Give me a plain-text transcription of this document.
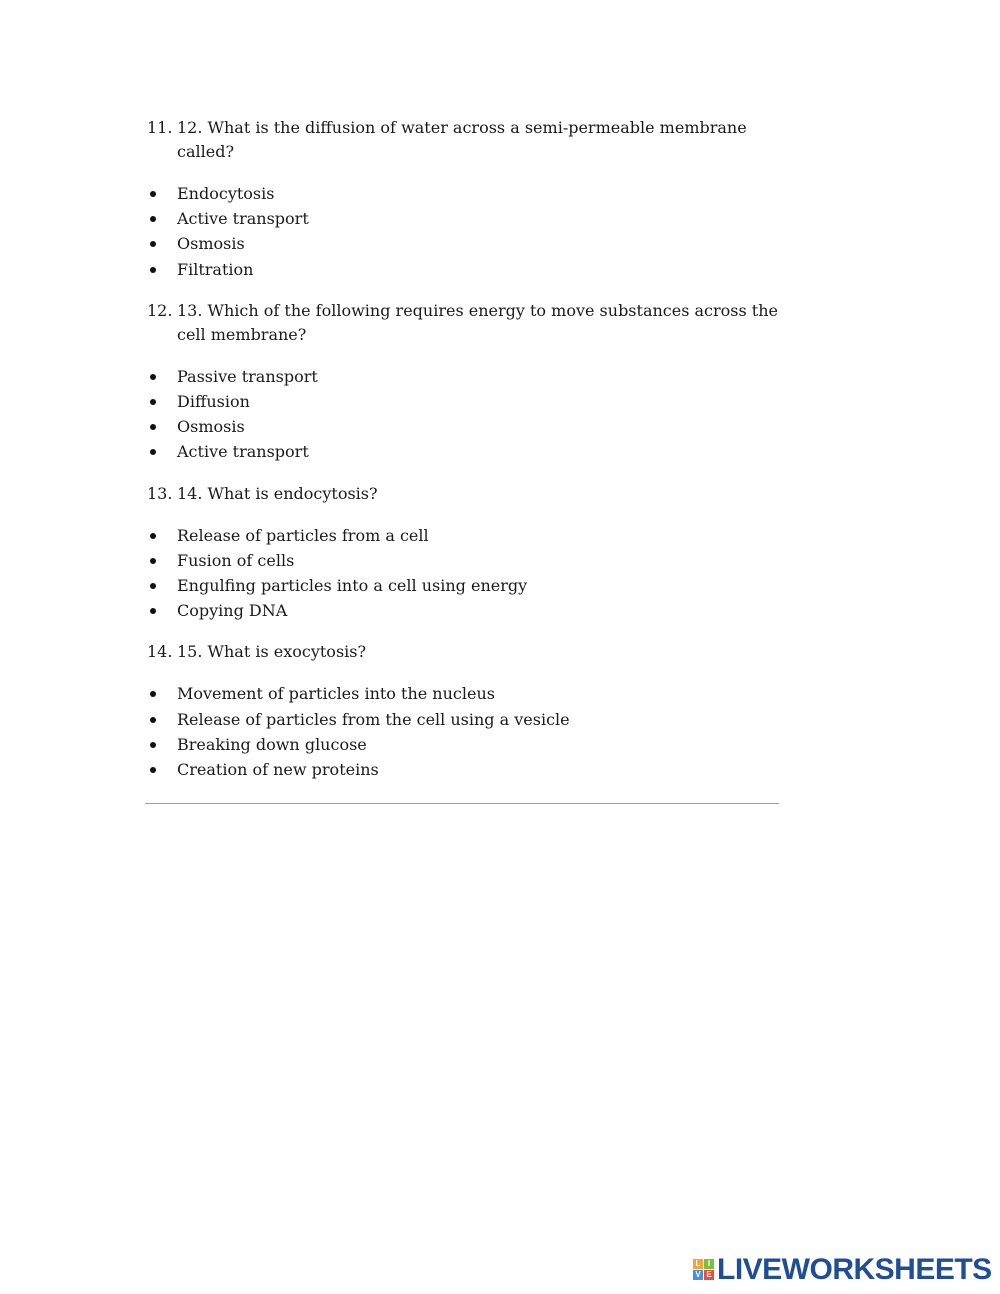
11. 12. What is the diffusion of water across a semi-permeable membrane called?
Endocytosis
Active transport
Osmosis
Filtration
12. 13. Which of the following requires energy to move substances across the cell membrane?
Passive transport
Diffusion
Osmosis
Active transport
13. 14. What is endocytosis?
Release of particles from a cell
Fusion of cells
Engulfing particles into a cell using energy
Copying DNA
14. 15. What is exocytosis?
Movement of particles into the nucleus
Release of particles from the cell using a vesicle
Breaking down glucose
Creation of new proteins
L I
V E LIVEWORKSHEETS
